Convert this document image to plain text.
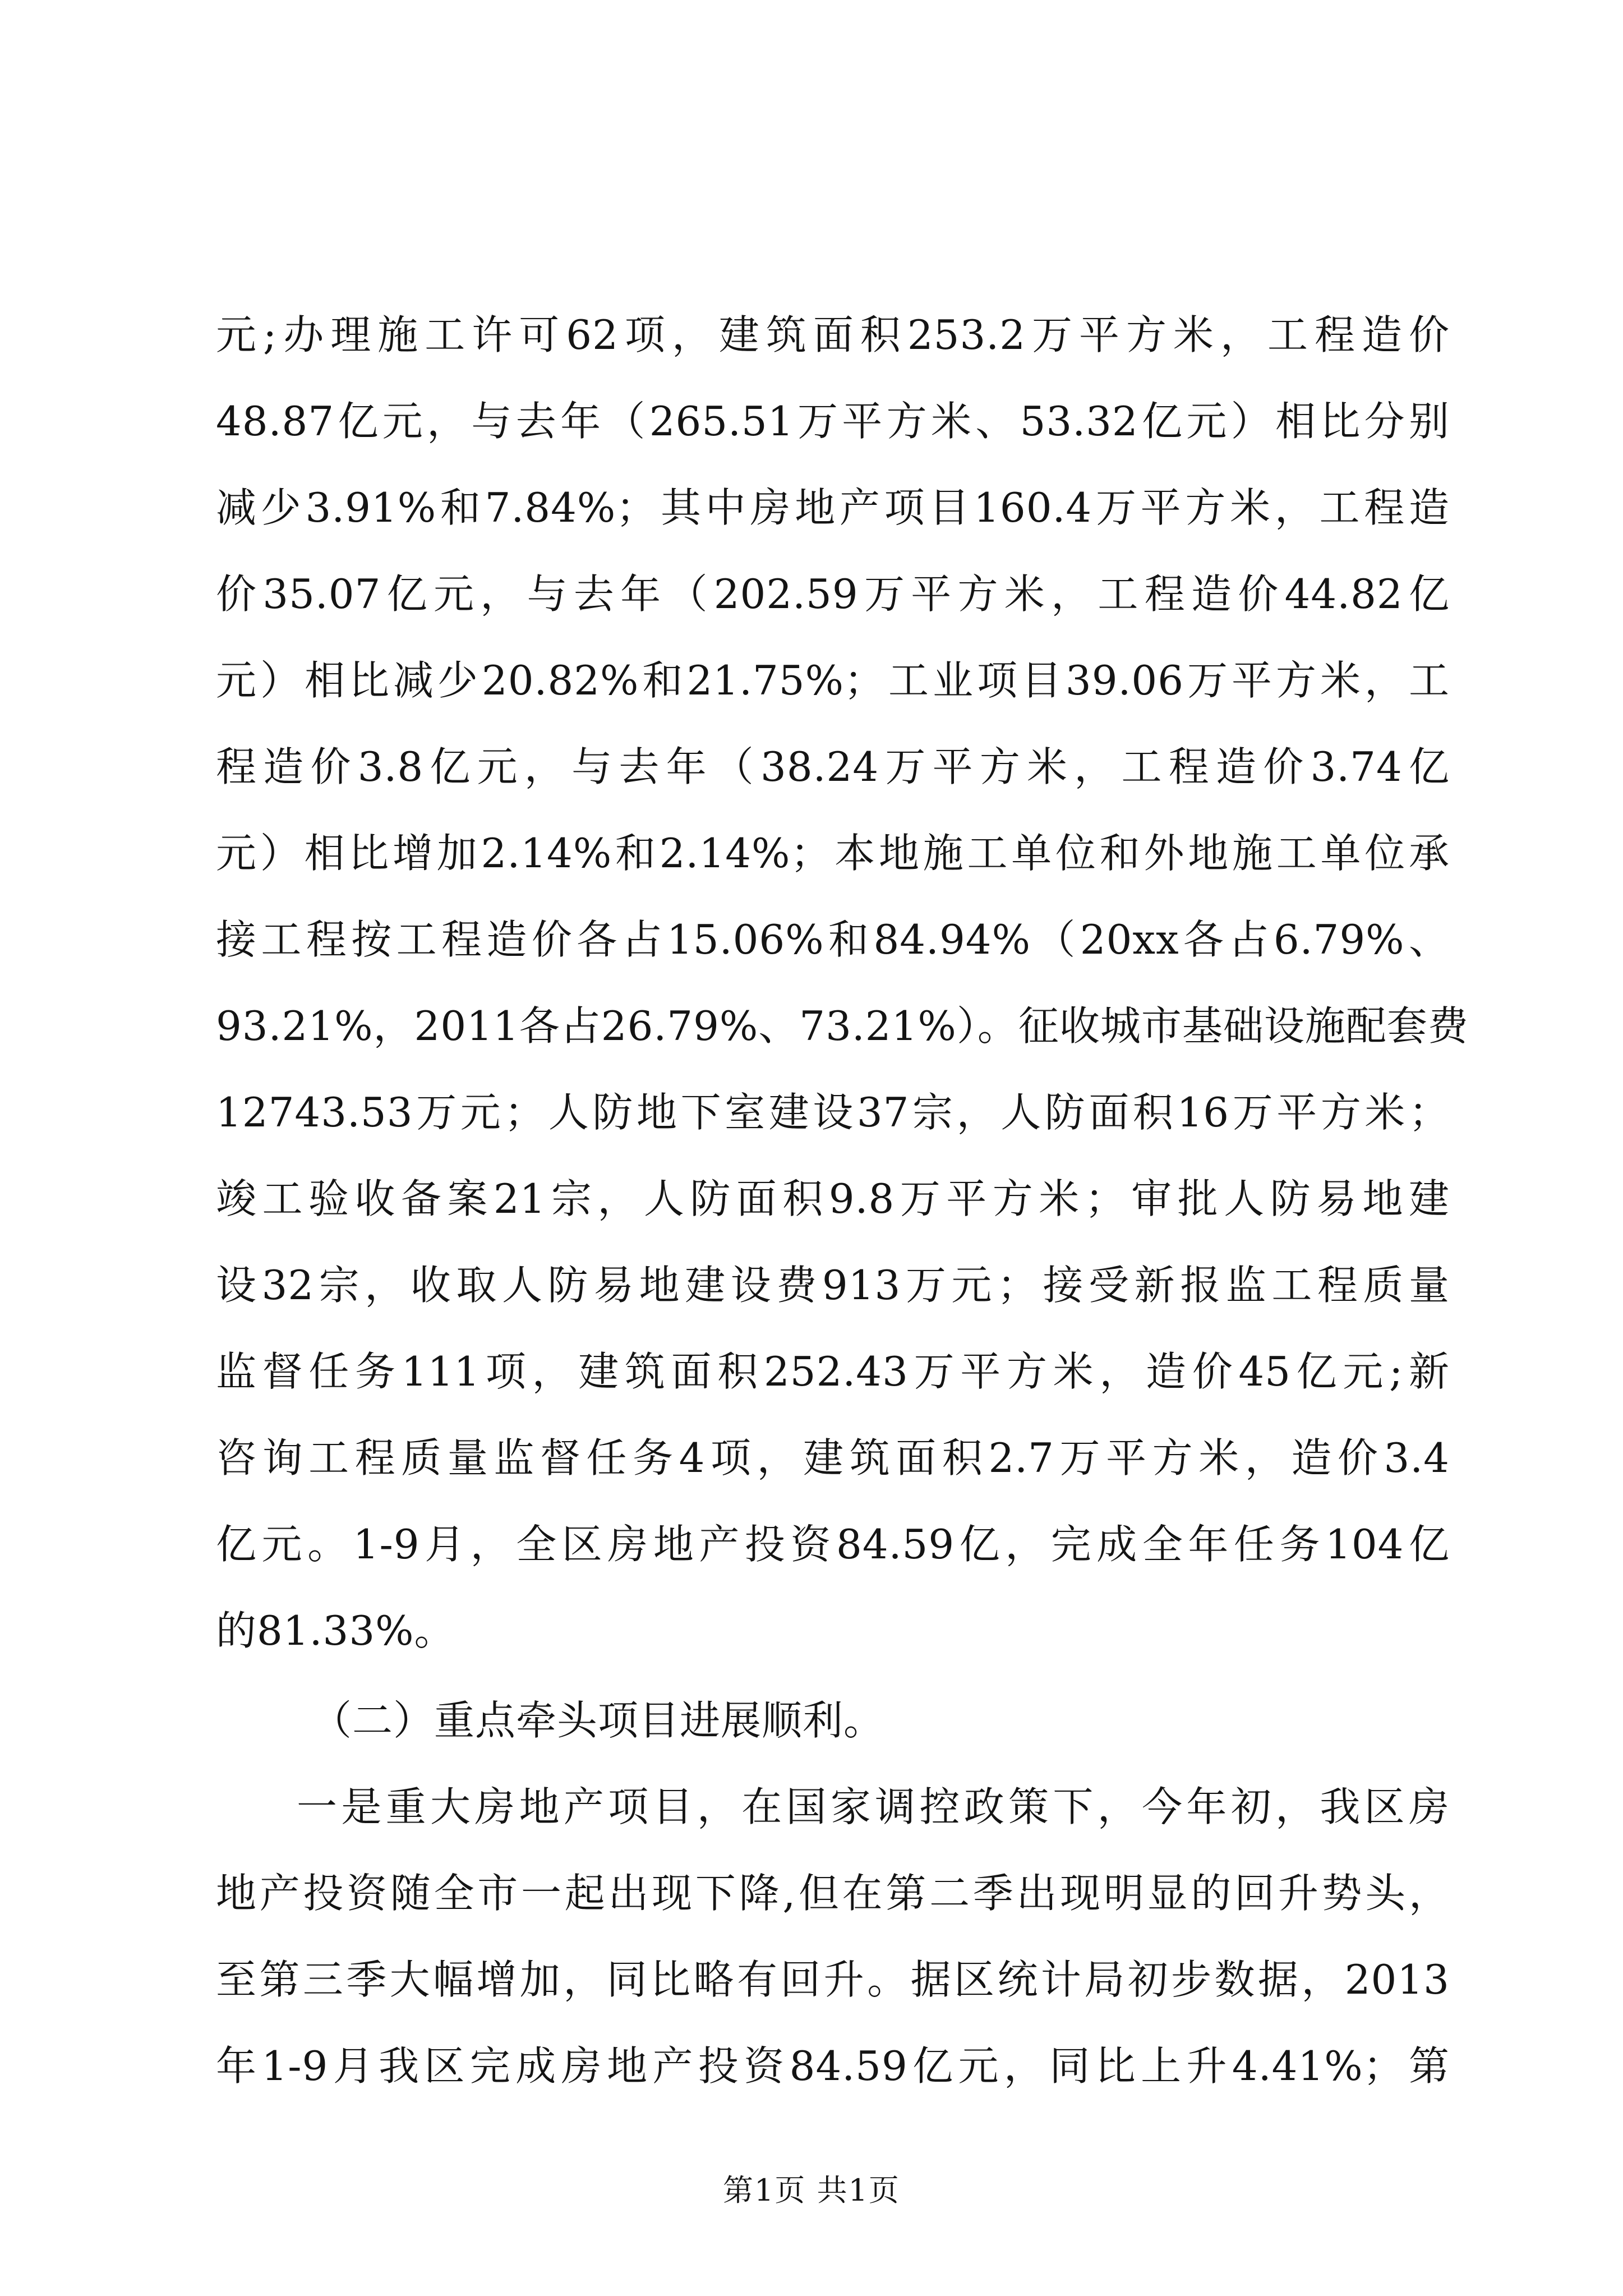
元;办理施工许可62项，建筑面积253.2万平方米，工程造价
48.87亿元，与去年（265.51万平方米、53.32亿元）相比分别
减少3.91%和7.84%；其中房地产项目160.4万平方米，工程造
价35.07亿元，与去年（202.59万平方米，工程造价44.82亿
元）相比减少20.82%和21.75%；工业项目39.06万平方米，工
程造价3.8亿元，与去年（38.24万平方米，工程造价3.74亿
元）相比增加2.14%和2.14%；本地施工单位和外地施工单位承
接工程按工程造价各占15.06%和84.94%（20xx各占6.79%、
93.21%，2011各占26.79%、73.21%）。征收城市基础设施配套费
12743.53万元；人防地下室建设37宗，人防面积16万平方米；
竣工验收备案21宗，人防面积9.8万平方米；审批人防易地建
设32宗，收取人防易地建设费913万元；接受新报监工程质量
监督任务111项，建筑面积252.43万平方米，造价45亿元;新
咨询工程质量监督任务4项，建筑面积2.7万平方米，造价3.4
亿元。1-9月，全区房地产投资84.59亿，完成全年任务104亿
的81.33%。
（二）重点牵头项目进展顺利。
一是重大房地产项目，在国家调控政策下，今年初，我区房
地产投资随全市一起出现下降,但在第二季出现明显的回升势头，
至第三季大幅增加，同比略有回升。据区统计局初步数据，2013
年1-9月我区完成房地产投资84.59亿元，同比上升4.41%；第
第1页 共1页
